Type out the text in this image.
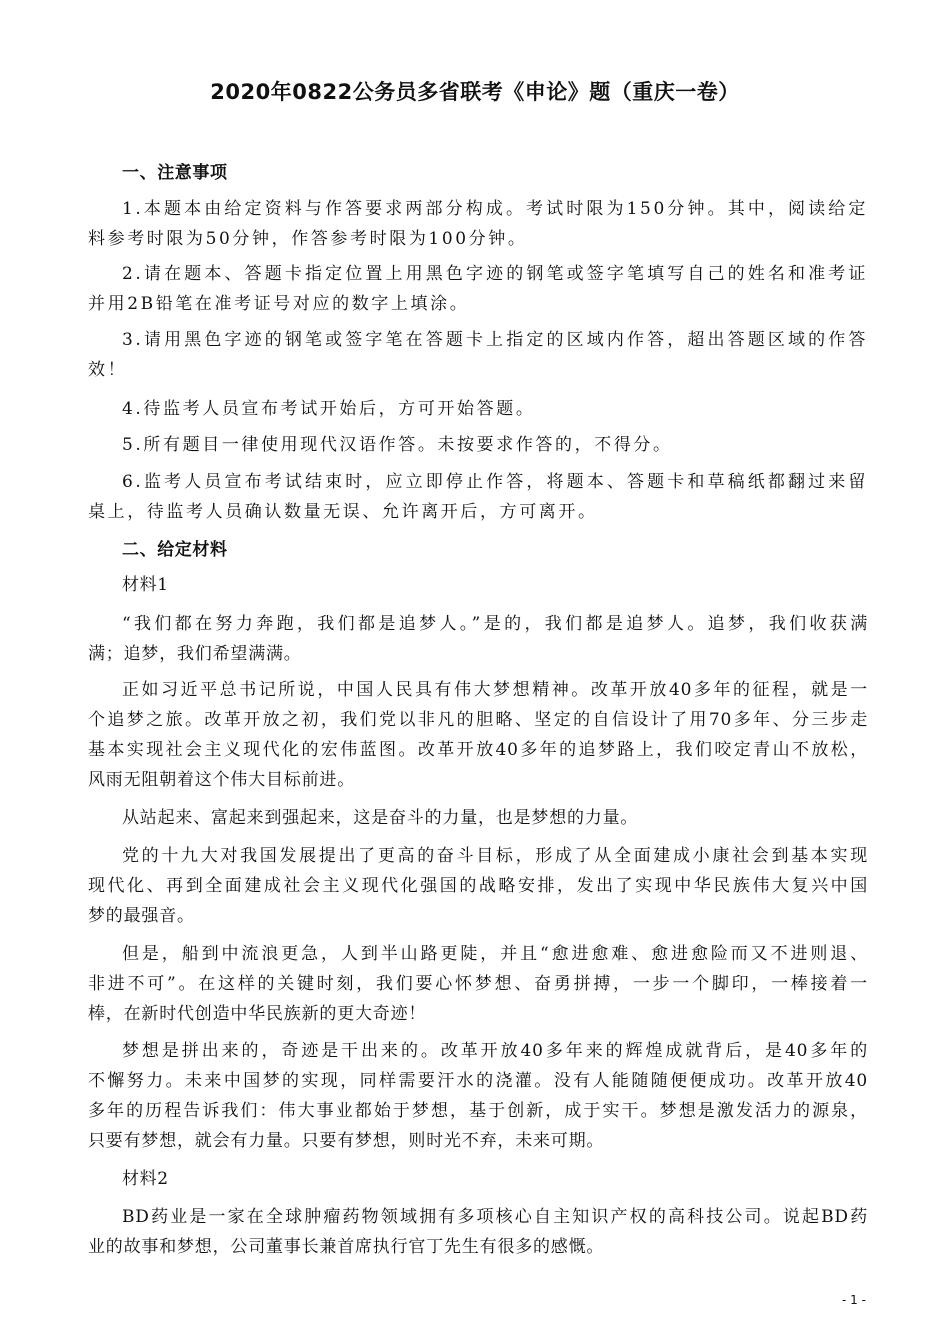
2020年0822公务员多省联考《申论》题（重庆一卷）
一、注意事项
1.本题本由给定资料与作答要求两部分构成。考试时限为150分钟。其中，阅读给定
料参考时限为50分钟，作答参考时限为100分钟。
2.请在题本、答题卡指定位置上用黑色字迹的钢笔或签字笔填写自己的姓名和准考证
并用2B铅笔在准考证号对应的数字上填涂。
3.请用黑色字迹的钢笔或签字笔在答题卡上指定的区域内作答，超出答题区域的作答
效！
4.待监考人员宣布考试开始后，方可开始答题。
5.所有题目一律使用现代汉语作答。未按要求作答的，不得分。
6.监考人员宣布考试结束时，应立即停止作答，将题本、答题卡和草稿纸都翻过来留
桌上，待监考人员确认数量无误、允许离开后，方可离开。
二、给定材料
材料1
“我们都在努力奔跑，我们都是追梦人。”是的，我们都是追梦人。追梦，我们收获满
满；追梦，我们希望满满。
正如习近平总书记所说，中国人民具有伟大梦想精神。改革开放40多年的征程，就是一
个追梦之旅。改革开放之初，我们党以非凡的胆略、坚定的自信设计了用70多年、分三步走
基本实现社会主义现代化的宏伟蓝图。改革开放40多年的追梦路上，我们咬定青山不放松，
风雨无阻朝着这个伟大目标前进。
从站起来、富起来到强起来，这是奋斗的力量，也是梦想的力量。
党的十九大对我国发展提出了更高的奋斗目标，形成了从全面建成小康社会到基本实现
现代化、再到全面建成社会主义现代化强国的战略安排，发出了实现中华民族伟大复兴中国
梦的最强音。
但是，船到中流浪更急，人到半山路更陡，并且“愈进愈难、愈进愈险而又不进则退、
非进不可”。在这样的关键时刻，我们要心怀梦想、奋勇拼搏，一步一个脚印，一棒接着一
棒，在新时代创造中华民族新的更大奇迹！
梦想是拼出来的，奇迹是干出来的。改革开放40多年来的辉煌成就背后，是40多年的
不懈努力。未来中国梦的实现，同样需要汗水的浇灌。没有人能随随便便成功。改革开放40
多年的历程告诉我们：伟大事业都始于梦想，基于创新，成于实干。梦想是激发活力的源泉，
只要有梦想，就会有力量。只要有梦想，则时光不弃，未来可期。
材料2
BD药业是一家在全球肿瘤药物领域拥有多项核心自主知识产权的高科技公司。说起BD药
业的故事和梦想，公司董事长兼首席执行官丁先生有很多的感慨。
- 1 -
